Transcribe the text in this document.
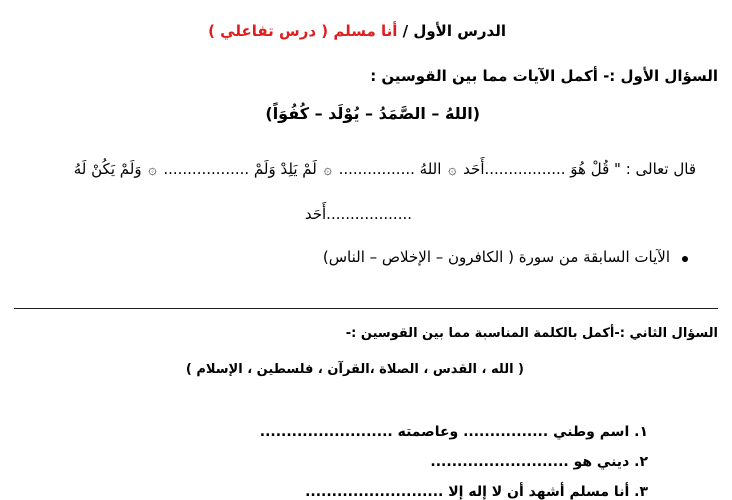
الدرس الأول / أنا مسلم ( درس تفاعلي )
السؤال الأول :- أكمل الآيات مما بين القوسين :
(اللهُ – الصَّمَدُ – يُوْلَد – كُفُوَاً)
قال تعالى : " قُلْ هُوَ .................أَحَد ۞ اللهُ ................ ۞ لَمْ يَلِدْ وَلَمْ .................. ۞ وَلَمْ يَكُنْ لَهُ
..................أَحَد
الآيات السابقة من سورة ( الكافرون – الإخلاص – الناس)
السؤال الثاني :-أكمل بالكلمة المناسبة مما بين القوسين :-
( الله ، القدس ، الصلاة ،القرآن ، فلسطين ، الإسلام )
١. اسم وطني ................ وعاصمته .........................
٢. ديني هو ..........................
٣. أنا مسلم أشهد أن لا إله إلا ..........................
